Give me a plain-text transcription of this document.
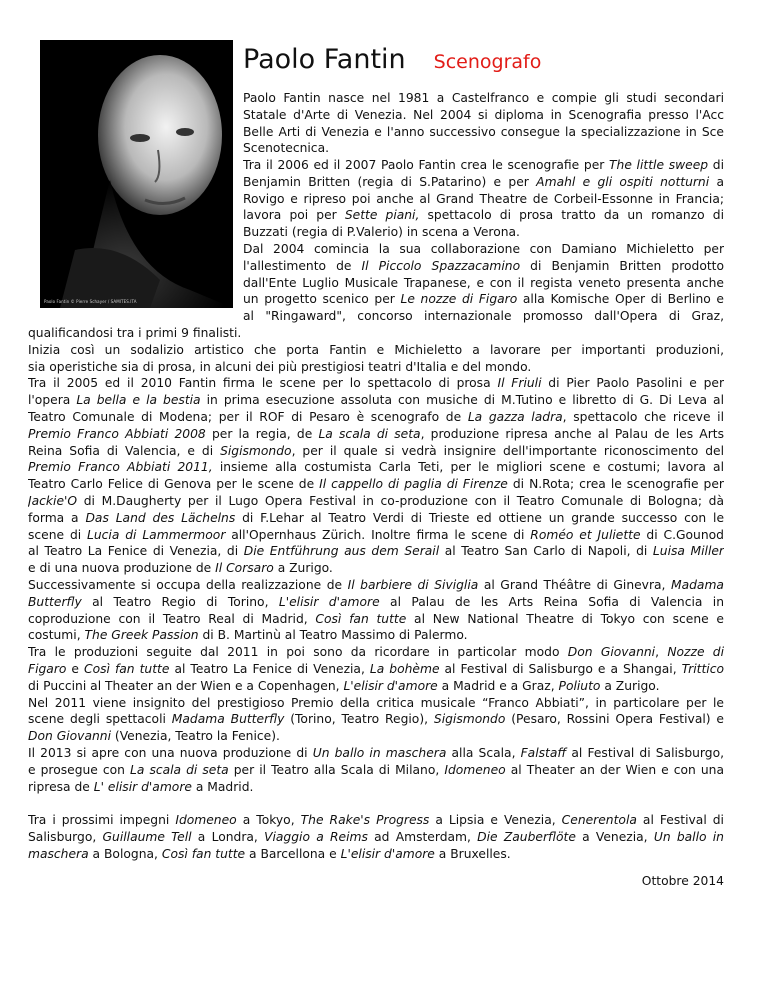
Paolo Fantin © Pierre Schayer / SAMITES.ITA
Paolo Fantin Scenografo
Paolo Fantin nasce nel 1981 a Castelfranco e compie gli studi secondari
Statale d'Arte di Venezia. Nel 2004 si diploma in Scenografia presso l'Acc
Belle Arti di Venezia e l'anno successivo consegue la specializzazione in Sce
Scenotecnica.
Tra il 2006 ed il 2007 Paolo Fantin crea le scenografie per The little sweep di
Benjamin Britten (regia di S.Patarino) e per Amahl e gli ospiti notturni a
Rovigo e ripreso poi anche al Grand Theatre de Corbeil-Essonne in Francia;
lavora poi per Sette piani, spettacolo di prosa tratto da un romanzo di
Buzzati (regia di P.Valerio) in scena a Verona.
Dal 2004 comincia la sua collaborazione con Damiano Michieletto per
l'allestimento de Il Piccolo Spazzacamino di Benjamin Britten prodotto
dall'Ente Luglio Musicale Trapanese, e con il regista veneto presenta anche
un progetto scenico per Le nozze di Figaro alla Komische Oper di Berlino e
al "Ringaward", concorso internazionale promosso dall'Opera di Graz,
qualificandosi tra i primi 9 finalisti.
Inizia così un sodalizio artistico che porta Fantin e Michieletto a lavorare per importanti produzioni,
sia operistiche sia di prosa, in alcuni dei più prestigiosi teatri d'Italia e del mondo.
Tra il 2005 ed il 2010 Fantin firma le scene per lo spettacolo di prosa Il Friuli di Pier Paolo Pasolini e per
l'opera La bella e la bestia in prima esecuzione assoluta con musiche di M.Tutino e libretto di G. Di Leva al
Teatro Comunale di Modena; per il ROF di Pesaro è scenografo de La gazza ladra, spettacolo che riceve il
Premio Franco Abbiati 2008 per la regia, de La scala di seta, produzione ripresa anche al Palau de les Arts
Reina Sofia di Valencia, e di Sigismondo, per il quale si vedrà insignire dell'importante riconoscimento del
Premio Franco Abbiati 2011, insieme alla costumista Carla Teti, per le migliori scene e costumi; lavora al
Teatro Carlo Felice di Genova per le scene de Il cappello di paglia di Firenze di N.Rota; crea le scenografie per
Jackie'O di M.Daugherty per il Lugo Opera Festival in co-produzione con il Teatro Comunale di Bologna; dà
forma a Das Land des Lächelns di F.Lehar al Teatro Verdi di Trieste ed ottiene un grande successo con le
scene di Lucia di Lammermoor all'Opernhaus Zürich. Inoltre firma le scene di Roméo et Juliette di C.Gounod
al Teatro La Fenice di Venezia, di Die Entführung aus dem Serail al Teatro San Carlo di Napoli, di Luisa Miller
e di una nuova produzione de Il Corsaro a Zurigo.
Successivamente si occupa della realizzazione de Il barbiere di Siviglia al Grand Théâtre di Ginevra, Madama
Butterfly al Teatro Regio di Torino, L'elisir d'amore al Palau de les Arts Reina Sofia di Valencia in
coproduzione con il Teatro Real di Madrid, Così fan tutte al New National Theatre di Tokyo con scene e
costumi, The Greek Passion di B. Martinù al Teatro Massimo di Palermo.
Tra le produzioni seguite dal 2011 in poi sono da ricordare in particolar modo Don Giovanni, Nozze di
Figaro e Così fan tutte al Teatro La Fenice di Venezia, La bohème al Festival di Salisburgo e a Shangai, Trittico
di Puccini al Theater an der Wien e a Copenhagen, L'elisir d'amore a Madrid e a Graz, Poliuto a Zurigo.
Nel 2011 viene insignito del prestigioso Premio della critica musicale “Franco Abbiati”, in particolare per le
scene degli spettacoli Madama Butterfly (Torino, Teatro Regio), Sigismondo (Pesaro, Rossini Opera Festival) e
Don Giovanni (Venezia, Teatro la Fenice).
Il 2013 si apre con una nuova produzione di Un ballo in maschera alla Scala, Falstaff al Festival di Salisburgo,
e prosegue con La scala di seta per il Teatro alla Scala di Milano, Idomeneo al Theater an der Wien e con una
ripresa de L' elisir d'amore a Madrid.
Tra i prossimi impegni Idomeneo a Tokyo, The Rake's Progress a Lipsia e Venezia, Cenerentola al Festival di
Salisburgo, Guillaume Tell a Londra, Viaggio a Reims ad Amsterdam, Die Zauberflöte a Venezia, Un ballo in
maschera a Bologna, Così fan tutte a Barcellona e L'elisir d'amore a Bruxelles.
Ottobre 2014
